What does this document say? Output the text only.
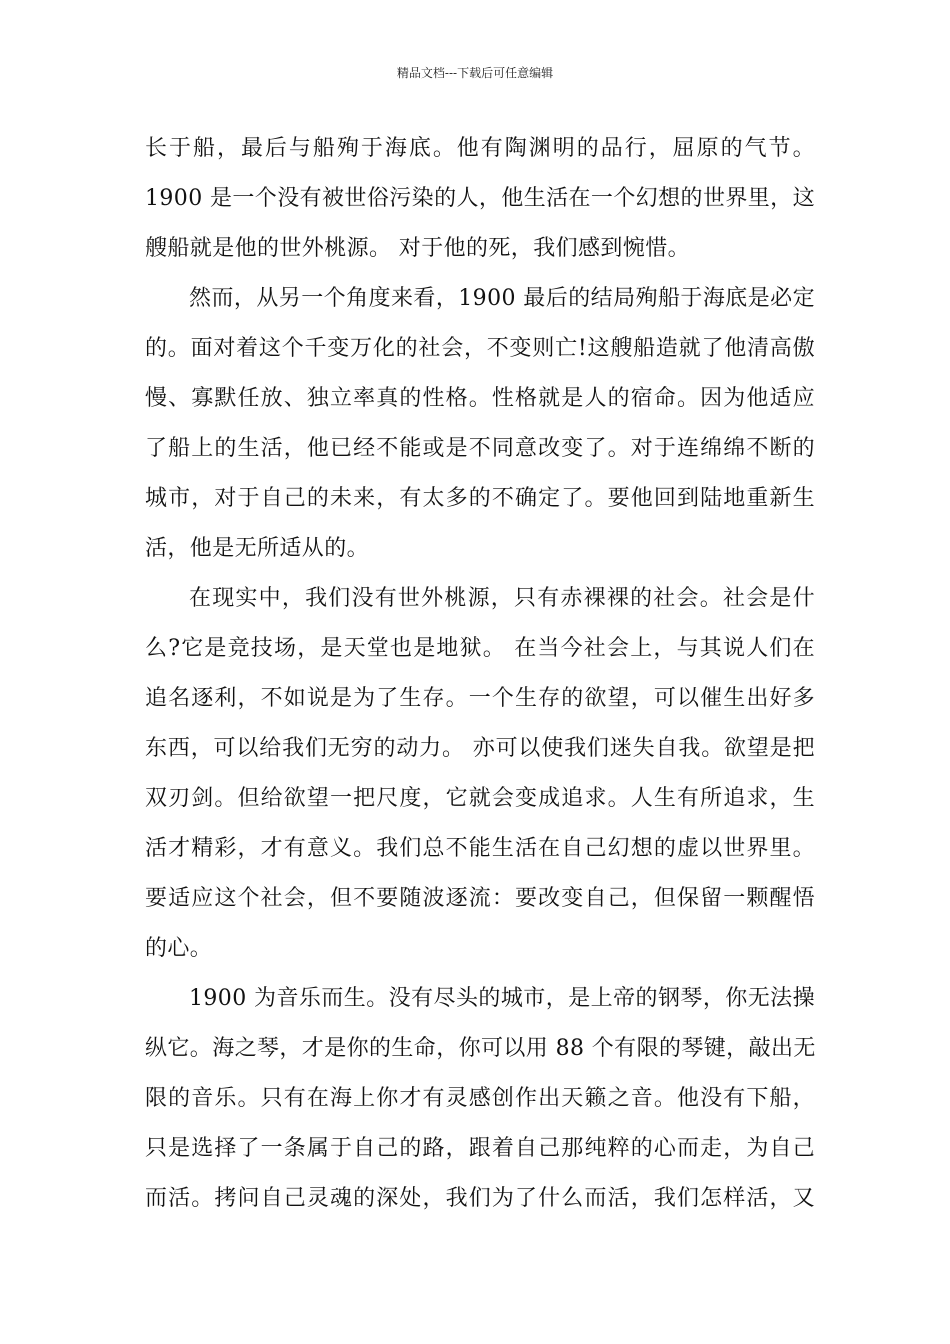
精品文档---下载后可任意编辑
长于船，最后与船殉于海底。他有陶渊明的品行，屈原的气节。
1900 是一个没有被世俗污染的人，他生活在一个幻想的世界里，这
艘船就是他的世外桃源。 对于他的死，我们感到惋惜。
然而，从另一个角度来看，1900 最后的结局殉船于海底是必定
的。面对着这个千变万化的社会，不变则亡!这艘船造就了他清高傲
慢、寡默任放、独立率真的性格。性格就是人的宿命。因为他适应
了船上的生活，他已经不能或是不同意改变了。对于连绵绵不断的
城市，对于自己的未来，有太多的不确定了。要他回到陆地重新生
活，他是无所适从的。
在现实中，我们没有世外桃源，只有赤裸裸的社会。社会是什
么?它是竞技场，是天堂也是地狱。 在当今社会上，与其说人们在
追名逐利，不如说是为了生存。一个生存的欲望，可以催生出好多
东西，可以给我们无穷的动力。 亦可以使我们迷失自我。欲望是把
双刃剑。但给欲望一把尺度，它就会变成追求。人生有所追求，生
活才精彩，才有意义。我们总不能生活在自己幻想的虚以世界里。
要适应这个社会，但不要随波逐流：要改变自己，但保留一颗醒悟
的心。
1900 为音乐而生。没有尽头的城市，是上帝的钢琴，你无法操
纵它。海之琴，才是你的生命，你可以用 88 个有限的琴键，敲出无
限的音乐。只有在海上你才有灵感创作出天籁之音。他没有下船，
只是选择了一条属于自己的路，跟着自己那纯粹的心而走，为自己
而活。拷问自己灵魂的深处，我们为了什么而活，我们怎样活，又
